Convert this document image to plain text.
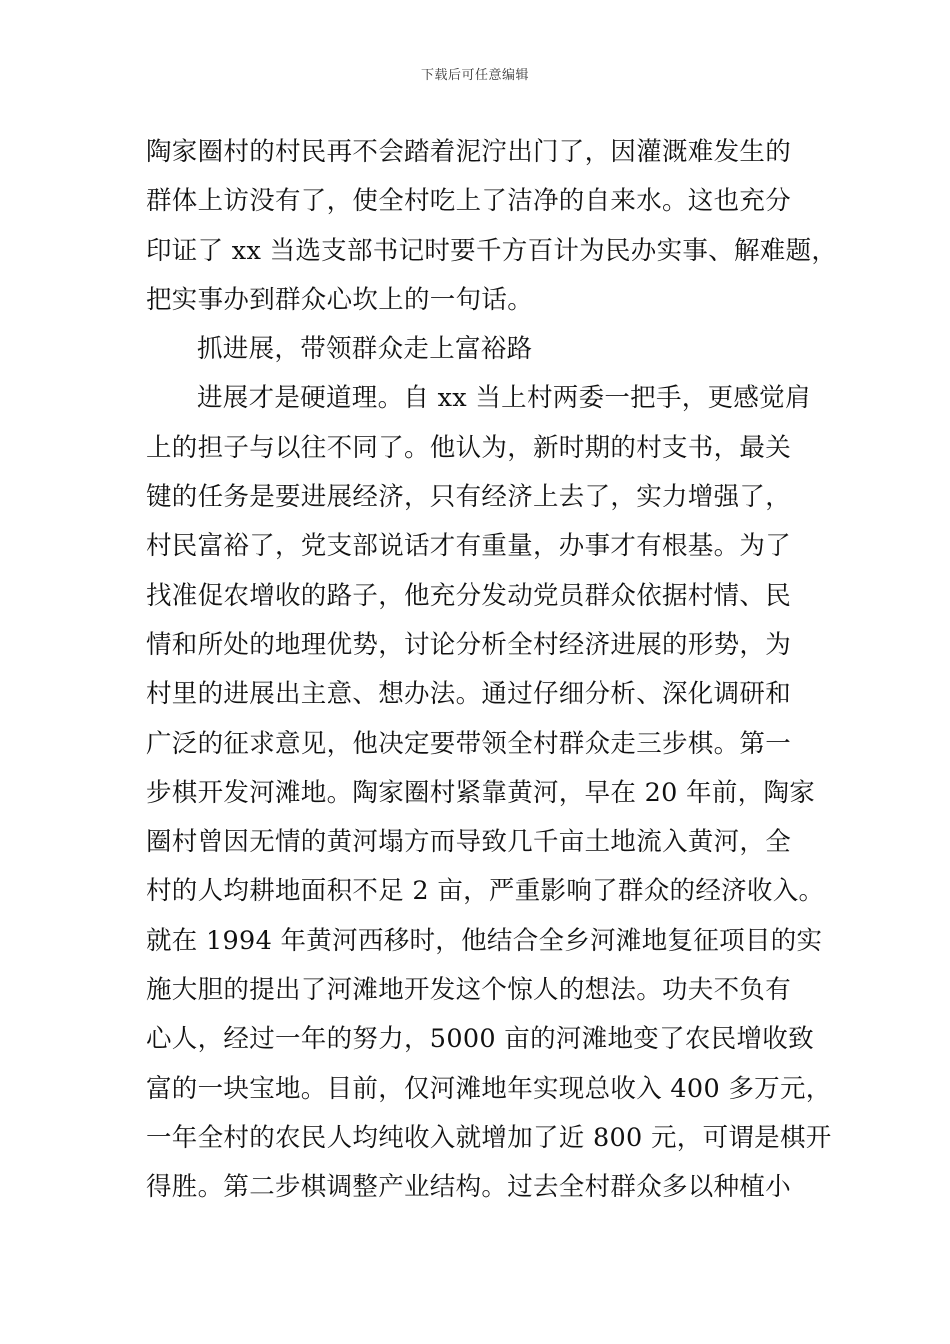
下载后可任意编辑
陶家圈村的村民再不会踏着泥泞出门了，因灌溉难发生的
群体上访没有了，使全村吃上了洁净的自来水。这也充分
印证了 xx 当选支部书记时要千方百计为民办实事、解难题，
把实事办到群众心坎上的一句话。
抓进展，带领群众走上富裕路
进展才是硬道理。自 xx 当上村两委一把手，更感觉肩
上的担子与以往不同了。他认为，新时期的村支书，最关
键的任务是要进展经济，只有经济上去了，实力增强了，
村民富裕了，党支部说话才有重量，办事才有根基。为了
找准促农增收的路子，他充分发动党员群众依据村情、民
情和所处的地理优势，讨论分析全村经济进展的形势，为
村里的进展出主意、想办法。通过仔细分析、深化调研和
广泛的征求意见，他决定要带领全村群众走三步棋。第一
步棋开发河滩地。陶家圈村紧靠黄河，早在 20 年前，陶家
圈村曾因无情的黄河塌方而导致几千亩土地流入黄河，全
村的人均耕地面积不足 2 亩，严重影响了群众的经济收入。
就在 1994 年黄河西移时，他结合全乡河滩地复征项目的实
施大胆的提出了河滩地开发这个惊人的想法。功夫不负有
心人，经过一年的努力，5000 亩的河滩地变了农民增收致
富的一块宝地。目前，仅河滩地年实现总收入 400 多万元，
一年全村的农民人均纯收入就增加了近 800 元，可谓是棋开
得胜。第二步棋调整产业结构。过去全村群众多以种植小
